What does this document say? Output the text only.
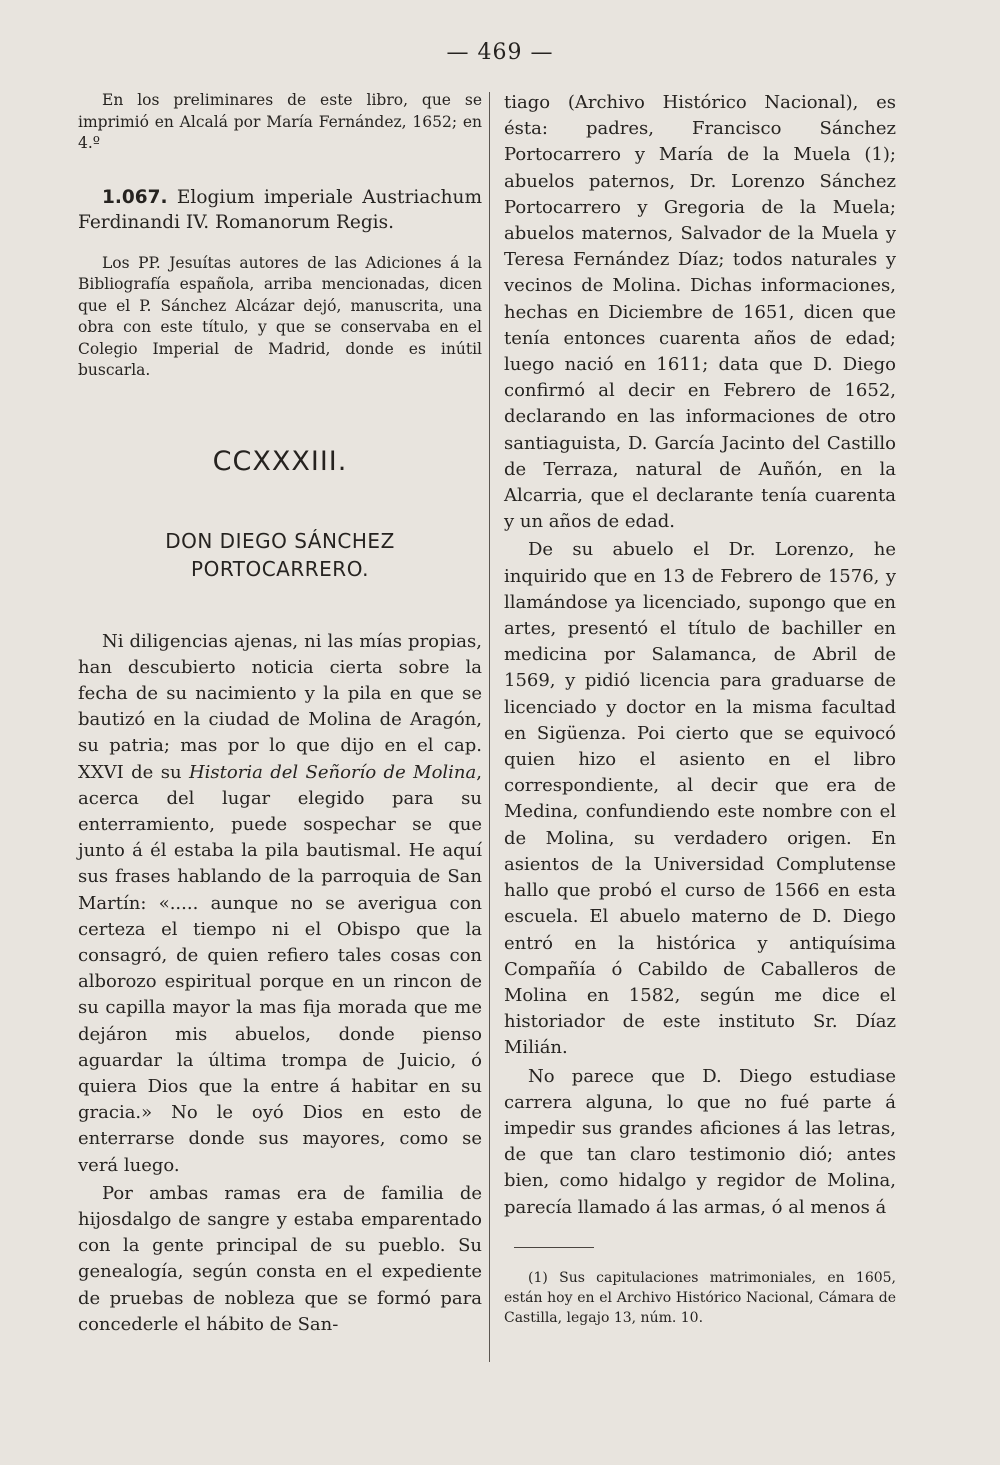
— 469 —

En los preliminares de este libro, que se imprimió en Alcalá por María Fernández, 1652; en 4.º

1.067. Elogium imperiale Austriachum Ferdinandi IV. Romanorum Regis.

Los PP. Jesuítas autores de las Adiciones á la Bibliografía española, arriba mencionadas, dicen que el P. Sánchez Alcázar dejó, manuscrita, una obra con este título, y que se conservaba en el Colegio Imperial de Madrid, donde es inútil buscarla.

CCXXXIII.
DON DIEGO SÁNCHEZ
PORTOCARRERO.

Ni diligencias ajenas, ni las mías propias, han descubierto noticia cierta sobre la fecha de su nacimiento y la pila en que se bautizó en la ciudad de Molina de Aragón, su patria; mas por lo que dijo en el cap. XXVI de su Historia del Señorío de Molina, acerca del lugar elegido para su enterramiento, puede sospechar se que junto á él estaba la pila bautismal. He aquí sus frases hablando de la parroquia de San Martín: «..... aunque no se averigua con certeza el tiempo ni el Obispo que la consagró, de quien refiero tales cosas con alborozo espiritual porque en un rincon de su capilla mayor la mas fija morada que me dejáron mis abuelos, donde pienso aguardar la última trompa de Juicio, ó quiera Dios que la entre á habitar en su gracia.» No le oyó Dios en esto de enterrarse donde sus mayores, como se verá luego.

Por ambas ramas era de familia de hijosdalgo de sangre y estaba emparentado con la gente principal de su pueblo. Su genealogía, según consta en el expediente de pruebas de nobleza que se formó para concederle el hábito de San-

tiago (Archivo Histórico Nacional), es ésta: padres, Francisco Sánchez Portocarrero y María de la Muela (1); abuelos paternos, Dr. Lorenzo Sánchez Portocarrero y Gregoria de la Muela; abuelos maternos, Salvador de la Muela y Teresa Fernández Díaz; todos naturales y vecinos de Molina. Dichas informaciones, hechas en Diciembre de 1651, dicen que tenía entonces cuarenta años de edad; luego nació en 1611; data que D. Diego confirmó al decir en Febrero de 1652, declarando en las informaciones de otro santiaguista, D. García Jacinto del Castillo de Terraza, natural de Auñón, en la Alcarria, que el declarante tenía cuarenta y un años de edad.

De su abuelo el Dr. Lorenzo, he inquirido que en 13 de Febrero de 1576, y llamándose ya licenciado, supongo que en artes, presentó el título de bachiller en medicina por Salamanca, de Abril de 1569, y pidió licencia para graduarse de licenciado y doctor en la misma facultad en Sigüenza. Poi cierto que se equivocó quien hizo el asiento en el libro correspondiente, al decir que era de Medina, confundiendo este nombre con el de Molina, su verdadero origen. En asientos de la Universidad Complutense hallo que probó el curso de 1566 en esta escuela. El abuelo materno de D. Diego entró en la histórica y antiquísima Compañía ó Cabildo de Caballeros de Molina en 1582, según me dice el historiador de este instituto Sr. Díaz Milián.

No parece que D. Diego estudiase carrera alguna, lo que no fué parte á impedir sus grandes aficiones á las letras, de que tan claro testimonio dió; antes bien, como hidalgo y regidor de Molina, parecía llamado á las armas, ó al menos á

(1) Sus capitulaciones matrimoniales, en 1605, están hoy en el Archivo Histórico Nacional, Cámara de Castilla, legajo 13, núm. 10.
